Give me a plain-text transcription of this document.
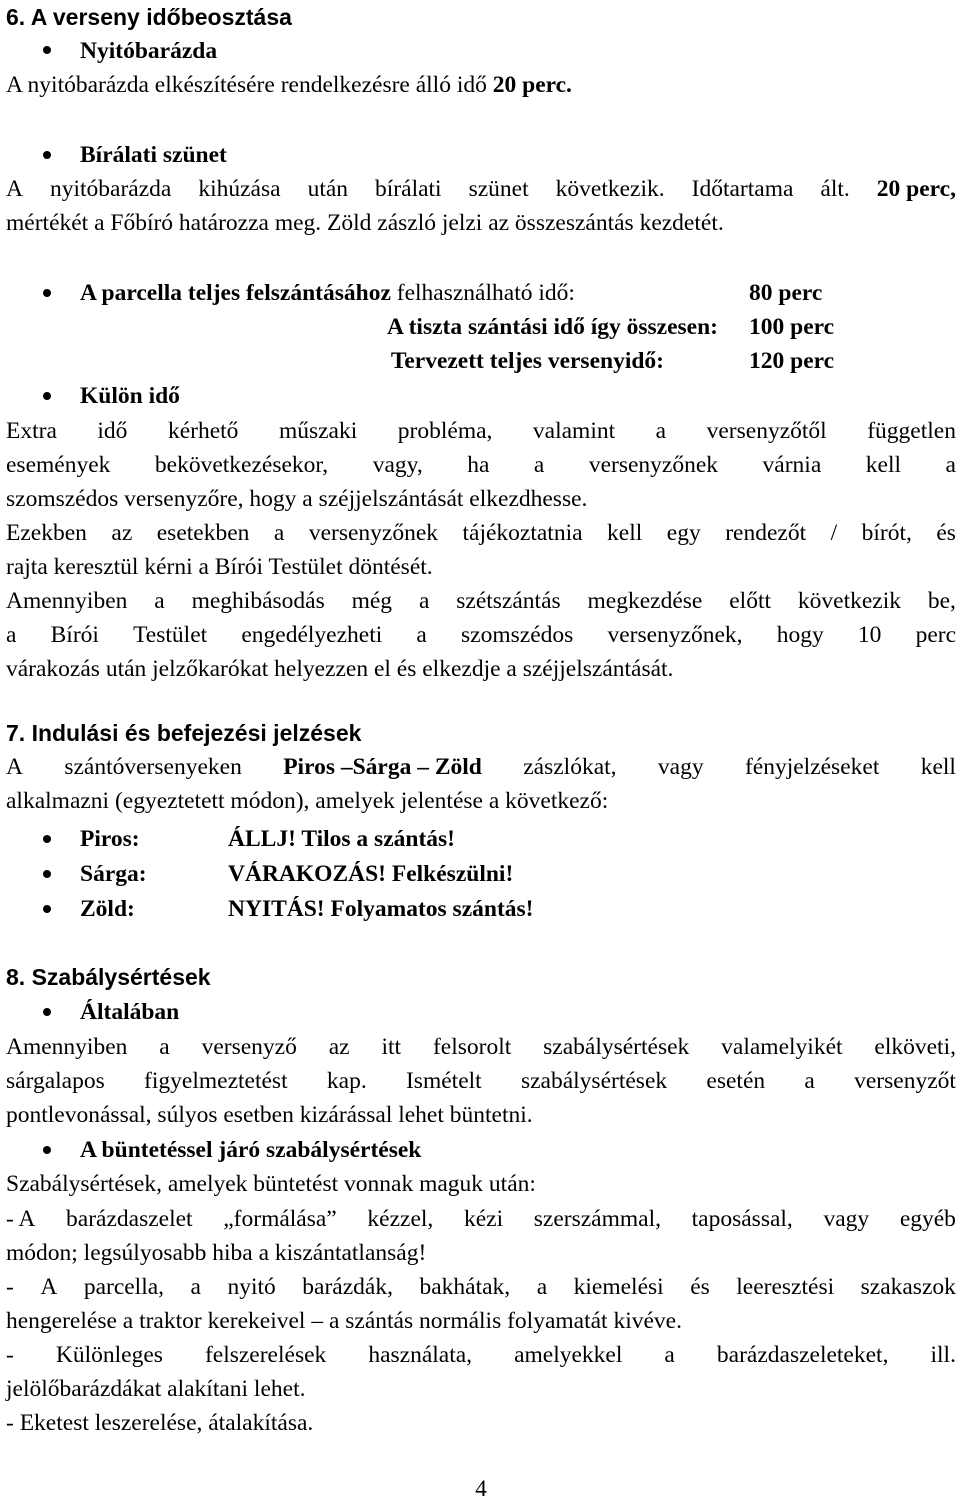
6. A verseny időbeosztása
Nyitóbarázda
A nyitóbarázda elkészítésére rendelkezésre álló idő 20 perc.
Bírálati szünet
A nyitóbarázda kihúzása után bírálati szünet következik. Időtartama ált. 20 perc,
mértékét a Főbíró határozza meg. Zöld zászló jelzi az összeszántás kezdetét.
A parcella teljes felszántásához felhasználható idő:	80 perc
A tiszta szántási idő így összesen: 100 perc
Tervezett teljes versenyidő:	120 perc
Külön idő
Extra idő kérhető műszaki probléma, valamint a versenyzőtől független
események bekövetkezésekor, vagy, ha a versenyzőnek várnia kell a
szomszédos versenyzőre, hogy a széjjelszántását elkezdhesse.
Ezekben az esetekben a versenyzőnek tájékoztatnia kell egy rendezőt / bírót, és
rajta keresztül kérni a Bírói Testület döntését.
Amennyiben a meghibásodás még a szétszántás megkezdése előtt következik be,
a Bírói Testület engedélyezheti a szomszédos versenyzőnek, hogy 10 perc
várakozás után jelzőkarókat helyezzen el és elkezdje a széjjelszántását.
7. Indulási és befejezési jelzések
A szántóversenyeken Piros –Sárga – Zöld zászlókat, vagy fényjelzéseket kell
alkalmazni (egyeztetett módon), amelyek jelentése a következő:
Piros:	ÁLLJ! Tilos a szántás!
Sárga:	VÁRAKOZÁS! Felkészülni!
Zöld:	NYITÁS! Folyamatos szántás!
8. Szabálysértések
Általában
Amennyiben a versenyző az itt felsorolt szabálysértések valamelyikét elköveti,
sárgalapos figyelmeztetést kap. Ismételt szabálysértések esetén a versenyzőt
pontlevonással, súlyos esetben kizárással lehet büntetni.
A büntetéssel járó szabálysértések
Szabálysértések, amelyek büntetést vonnak maguk után:
- A barázdaszelet „formálása” kézzel, kézi szerszámmal, taposással, vagy egyéb
módon; legsúlyosabb hiba a kiszántatlanság!
- A parcella, a nyitó barázdák, bakhátak, a kiemelési és leeresztési szakaszok
hengerelése a traktor kerekeivel – a szántás normális folyamatát kivéve.
- Különleges felszerelések használata, amelyekkel a barázdaszeleteket, ill.
jelölőbarázdákat alakítani lehet.
- Eketest leszerelése, átalakítása.
4
